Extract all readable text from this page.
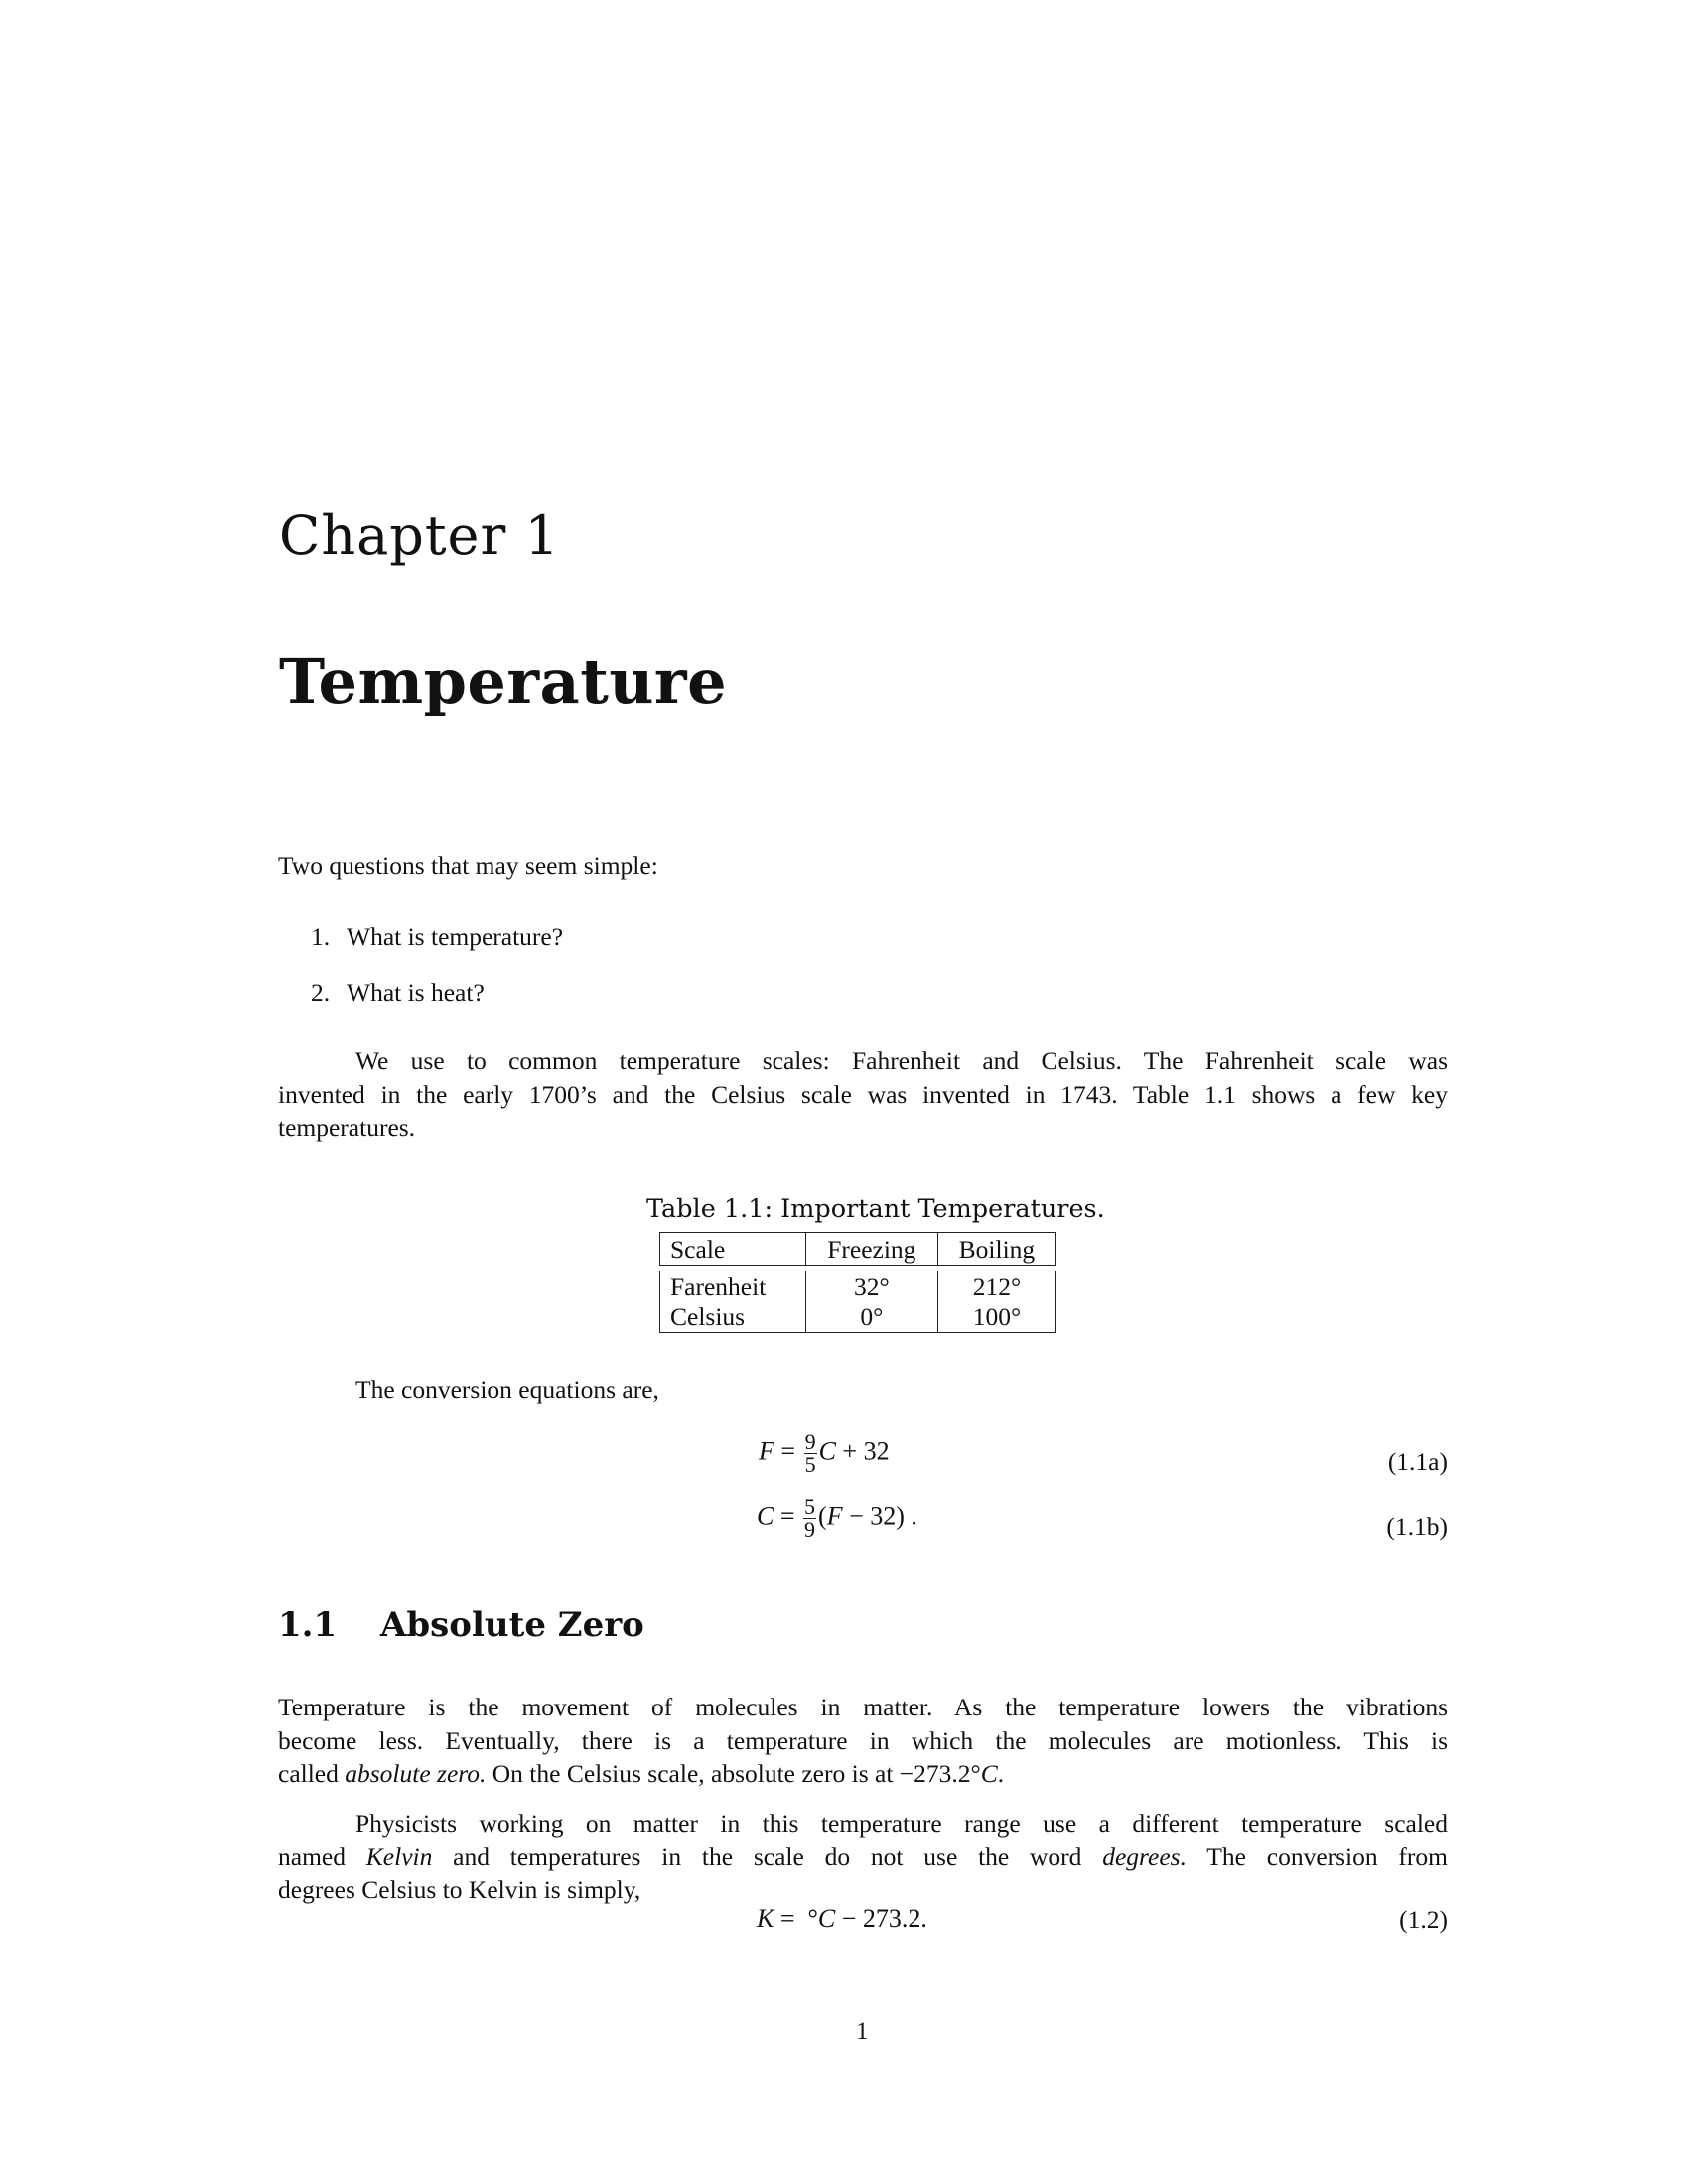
Chapter 1
Temperature
Two questions that may seem simple:
1. What is temperature?
2. What is heat?
We use to common temperature scales: Fahrenheit and Celsius. The Fahrenheit scale was
invented in the early 1700’s and the Celsius scale was invented in 1743. Table 1.1 shows a few key
temperatures.
Table 1.1: Important Temperatures.
Scale	Freezing	Boiling

Farenheit	32°	212°
Celsius	0°	100°
The conversion equations are,
$F = \frac{9}{5}$ C + 32	(1.1a)
$C = \frac{5}{9} (F - 32)$ .	(1.1b)
1.1 Absolute Zero
Temperature is the movement of molecules in matter. As the temperature lowers the vibrations
become less. Eventually, there is a temperature in which the molecules are motionless. This is
called absolute zero. On the Celsius scale, absolute zero is at −273.2°C.
Physicists working on matter in this temperature range use a different temperature scaled
named Kelvin and temperatures in the scale do not use the word degrees. The conversion from
degrees Celsius to Kelvin is simply,
K =  °C − 273.2.	(1.2)
1
